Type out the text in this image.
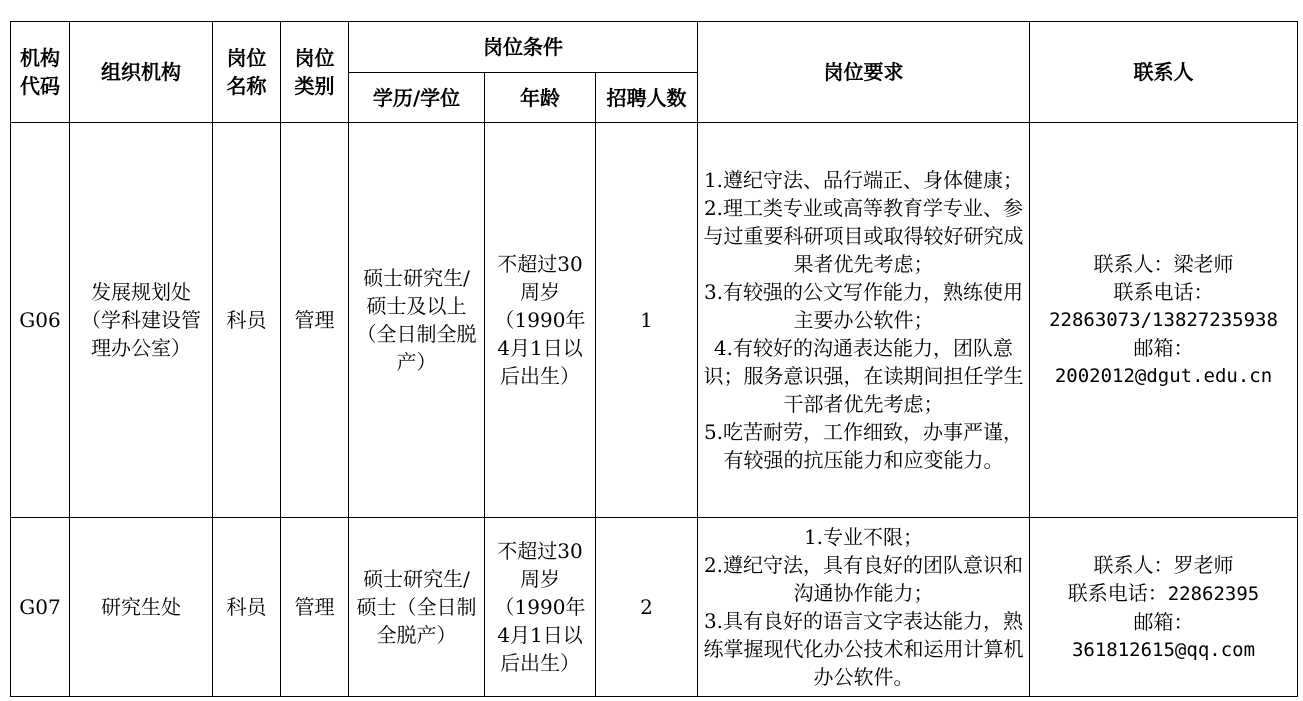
机构代码	组织机构	岗位名称	岗位类别	岗位条件			岗位要求	联系人
				学历/学位	年龄	招聘人数		
G06	发展规划处（学科建设管理办公室）	科员	管理	硕士研究生/硕士及以上（全日制全脱产）	不超过30周岁（1990年4月1日以后出生）	1	1.遵纪守法、品行端正、身体健康；
2.理工类专业或高等教育学专业、参与过重要科研项目或取得较好研究成果者优先考虑；
3.有较强的公文写作能力，熟练使用主要办公软件；
4.有较好的沟通表达能力，团队意识；服务意识强，在读期间担任学生干部者优先考虑；
5.吃苦耐劳，工作细致，办事严谨，有较强的抗压能力和应变能力。	联系人：梁老师
联系电话：
22863073/13827235938
邮箱：
2002012@dgut.edu.cn

G07	研究生处	科员	管理	硕士研究生/硕士（全日制全脱产）	不超过30周岁（1990年4月1日以后出生）	2	1.专业不限；
2.遵纪守法，具有良好的团队意识和沟通协作能力；
3.具有良好的语言文字表达能力，熟练掌握现代化办公技术和运用计算机办公软件。	联系人：罗老师
联系电话：22862395
邮箱：
361812615@qq.com
